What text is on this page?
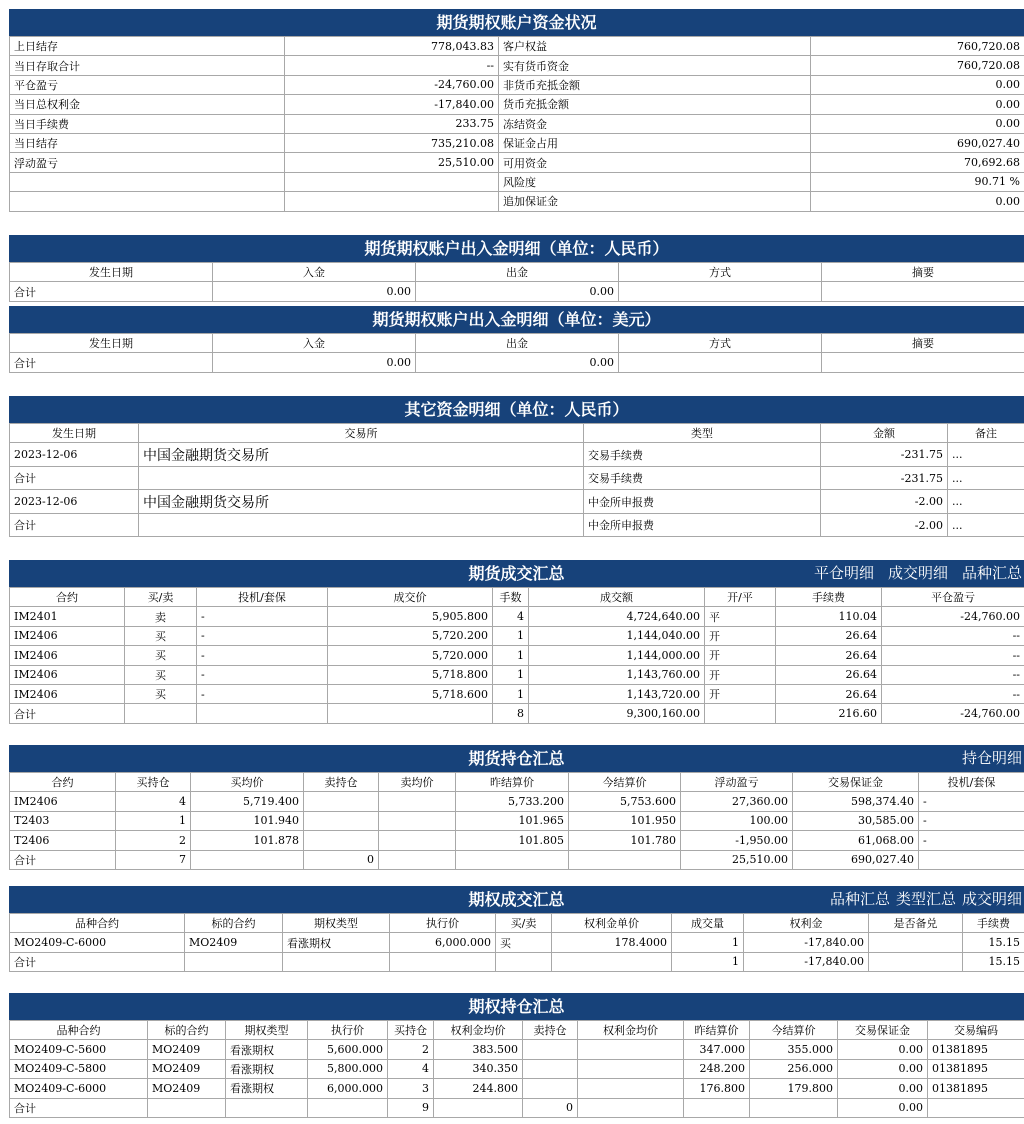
期货期权账户资金状况
上日结存	778,043.83	客户权益	760,720.08
当日存取合计	--	实有货币资金	760,720.08
平仓盈亏	-24,760.00	非货币充抵金额	0.00
当日总权利金	-17,840.00	货币充抵金额	0.00
当日手续费	233.75	冻结资金	0.00
当日结存	735,210.08	保证金占用	690,027.40
浮动盈亏	25,510.00	可用资金	70,692.68
		风险度	90.71 %
		追加保证金	0.00
期货期权账户出入金明细（单位：人民币）
发生日期	入金	出金	方式	摘要
合计	0.00	0.00		
期货期权账户出入金明细（单位：美元）
发生日期	入金	出金	方式	摘要
合计	0.00	0.00		
其它资金明细（单位：人民币）
发生日期	交易所	类型	金额	备注
2023-12-06	中国金融期货交易所	交易手续费	-231.75	...
合计		交易手续费	-231.75	...
2023-12-06	中国金融期货交易所	中金所申报费	-2.00	...
合计		中金所申报费	-2.00	...
期货成交汇总	平仓明细 成交明细 品种汇总
合约	买/卖	投机/套保	成交价	手数	成交额	开/平	手续费	平仓盈亏
IM2401	卖	-	5,905.800	4	4,724,640.00	平	110.04	-24,760.00
IM2406	买	-	5,720.200	1	1,144,040.00	开	26.64	--
IM2406	买	-	5,720.000	1	1,144,000.00	开	26.64	--
IM2406	买	-	5,718.800	1	1,143,760.00	开	26.64	--
IM2406	买	-	5,718.600	1	1,143,720.00	开	26.64	--
合计				8	9,300,160.00		216.60	-24,760.00
期货持仓汇总	持仓明细
合约	买持仓	买均价	卖持仓	卖均价	昨结算价	今结算价	浮动盈亏	交易保证金	投机/套保
IM2406	4	5,719.400			5,733.200	5,753.600	27,360.00	598,374.40	-
T2403	1	101.940			101.965	101.950	100.00	30,585.00	-
T2406	2	101.878			101.805	101.780	-1,950.00	61,068.00	-
合计	7		0				25,510.00	690,027.40	
期权成交汇总	品种汇总 类型汇总 成交明细
品种合约	标的合约	期权类型	执行价	买/卖	权利金单价	成交量	权利金	是否备兑	手续费
MO2409-C-6000	MO2409	看涨期权	6,000.000	买	178.4000	1	-17,840.00		15.15
合计						1	-17,840.00		15.15
期权持仓汇总
品种合约	标的合约	期权类型	执行价	买持仓	权利金均价	卖持仓	权利金均价	昨结算价	今结算价	交易保证金	交易编码
MO2409-C-5600	MO2409	看涨期权	5,600.000	2	383.500			347.000	355.000	0.00	01381895
MO2409-C-5800	MO2409	看涨期权	5,800.000	4	340.350			248.200	256.000	0.00	01381895
MO2409-C-6000	MO2409	看涨期权	6,000.000	3	244.800			176.800	179.800	0.00	01381895
合计				9		0				0.00	
